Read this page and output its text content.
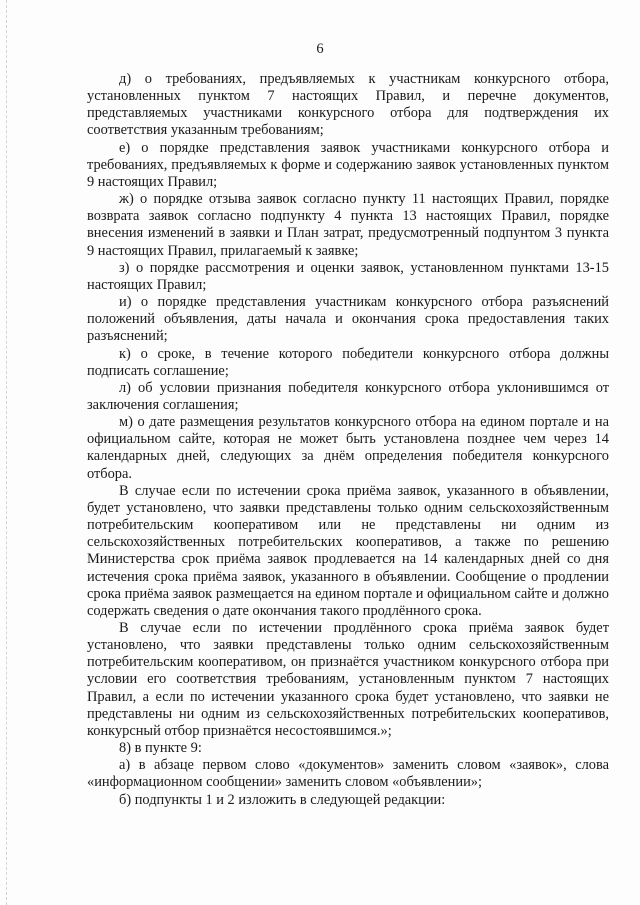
6

д) о требованиях, предъявляемых к участникам конкурсного отбора, установленных пунктом 7 настоящих Правил, и перечне документов, представляемых участниками конкурсного отбора для подтверждения их соответствия указанным требованиям;

е) о порядке представления заявок участниками конкурсного отбора и требованиях, предъявляемых к форме и содержанию заявок установленных пунктом 9 настоящих Правил;

ж) о порядке отзыва заявок согласно пункту 11 настоящих Правил, порядке возврата заявок согласно подпункту 4 пункта 13 настоящих Правил, порядке внесения изменений в заявки и План затрат, предусмотренный подпунтом 3 пункта 9 настоящих Правил, прилагаемый к заявке;

з) о порядке рассмотрения и оценки заявок, установленном пунктами 13-15 настоящих Правил;

и) о порядке представления участникам конкурсного отбора разъяснений положений объявления, даты начала и окончания срока предоставления таких разъяснений;

к) о сроке, в течение которого победители конкурсного отбора должны подписать соглашение;

л) об условии признания победителя конкурсного отбора уклонившимся от заключения соглашения;

м) о дате размещения результатов конкурсного отбора на едином портале и на официальном сайте, которая не может быть установлена позднее чем через 14 календарных дней, следующих за днём определения победителя конкурсного отбора.

В случае если по истечении срока приёма заявок, указанного в объявлении, будет установлено, что заявки представлены только одним сельскохозяйственным потребительским кооперативом или не представлены ни одним из сельскохозяйственных потребительских кооперативов, а также по решению Министерства срок приёма заявок продлевается на 14 календарных дней со дня истечения срока приёма заявок, указанного в объявлении. Сообщение о продлении срока приёма заявок размещается на едином портале и официальном сайте и должно содержать сведения о дате окончания такого продлённого срока.

В случае если по истечении продлённого срока приёма заявок будет установлено, что заявки представлены только одним сельскохозяйственным потребительским кооперативом, он признаётся участником конкурсного отбора при условии его соответствия требованиям, установленным пунктом 7 настоящих Правил, а если по истечении указанного срока будет установлено, что заявки не представлены ни одним из сельскохозяйственных потребительских кооперативов, конкурсный отбор признаётся несостоявшимся.»;

8) в пункте 9:

а) в абзаце первом слово «документов» заменить словом «заявок», слова «информационном сообщении» заменить словом «объявлении»;

б) подпункты 1 и 2 изложить в следующей редакции:
